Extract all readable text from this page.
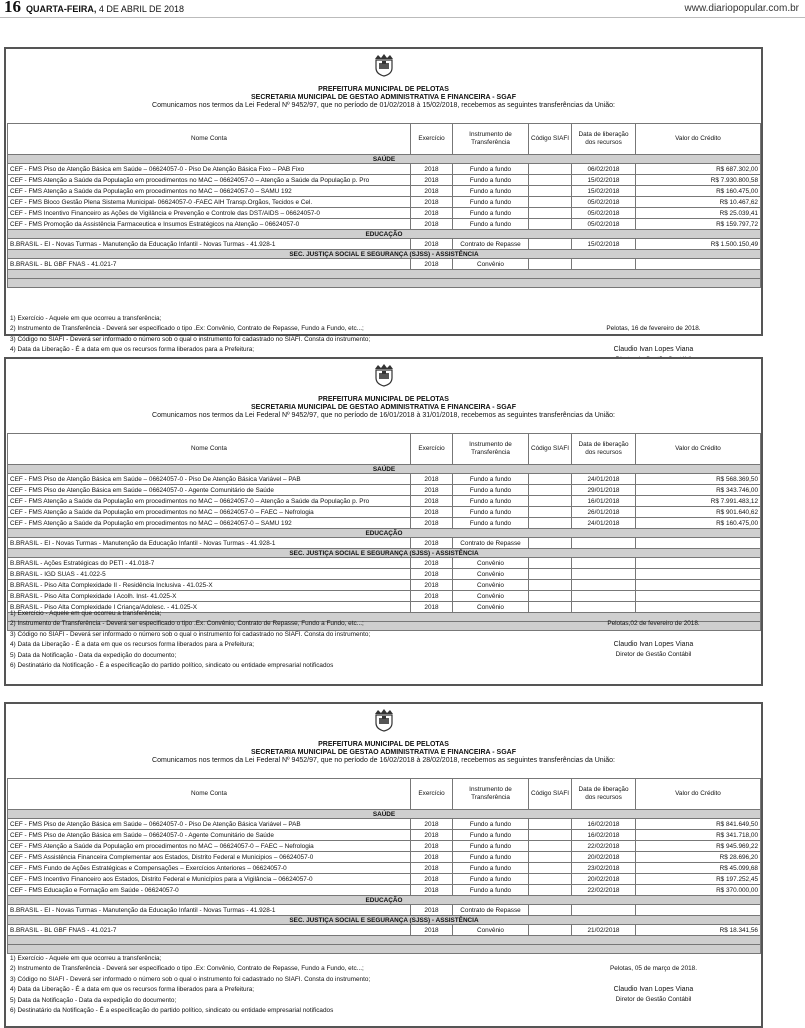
16 QUARTA-FEIRA, 4 DE ABRIL DE 2018	www.diariopopular.com.br
PREFEITURA MUNICIPAL DE PELOTAS
SECRETARIA MUNICIPAL DE GESTAO ADMINISTRATIVA E FINANCEIRA - SGAF
Comunicamos nos termos da Lei Federal Nº 9452/97, que no período de 01/02/2018 à 15/02/2018, recebemos as seguintes transferências da União:
Nome Conta	Exercício	Instrumento de Transferência	Código SIAFI	Data de liberação dos recursos	Valor do Crédito
SAÚDE					
CEF - FMS Piso de Atenção Básica em Saúde – 06624057-0 - Piso De Atenção Básica Fixo – PAB Fixo	2018	Fundo a fundo		06/02/2018	R$ 687.302,00
CEF - FMS Atenção a Saúde da População em procedimentos no MAC – 06624057-0 – Atenção a Saúde da População p. Pro	2018	Fundo a fundo		15/02/2018	R$ 7.930.800,58
CEF - FMS Atenção a Saúde da População em procedimentos no MAC – 06624057-0 – SAMU 192	2018	Fundo a fundo		15/02/2018	R$ 160.475,00
CEF - FMS Bloco Gestão Plena Sistema Municipal- 06624057-0 -FAEC AIH Transp.Orgãos, Tecidos e Cel.	2018	Fundo a fundo		05/02/2018	R$ 10.467,62
CEF - FMS Incentivo Financeiro as Ações de Vigilância e Prevenção e Controle das DST/AIDS – 06624057-0	2018	Fundo a fundo		05/02/2018	R$ 25.039,41
CEF - FMS Promoção da Assistência Farmaceutica e Insumos Estratégicos na Atenção – 06624057-0	2018	Fundo a fundo		05/02/2018	R$ 159.797,72
EDUCAÇÃO					
B.BRASIL - EI - Novas Turmas - Manutenção da Educação Infantil - Novas Turmas - 41.928-1	2018	Contrato de Repasse		15/02/2018	R$ 1.500.150,49
SEC. JUSTIÇA SOCIAL E SEGURANÇA (SJSS) - ASSISTÊNCIA					
B.BRASIL - BL GBF FNAS - 41.021-7	2018	Convênio			

1) Exercício - Aquele em que ocorreu a transferência;
2) Instrumento de Transferência - Deverá ser especificado o tipo .Ex: Convênio, Contrato de Repasse, Fundo a Fundo, etc...;
3) Código no SIAFI - Deverá ser informado o número sob o qual o instrumento foi cadastrado no SIAFI. Consta do instrumento;
4) Data da Liberação - É a data em que os recursos forma liberados para a Prefeitura;
Pelotas, 16 de fevereiro de 2018.

Claudio Ivan Lopes Viana
PREFEITURA MUNICIPAL DE PELOTAS
SECRETARIA MUNICIPAL DE GESTAO ADMINISTRATIVA E FINANCEIRA - SGAF
Comunicamos nos termos da Lei Federal Nº 9452/97, que no período de 16/01/2018 à 31/01/2018, recebemos as seguintes transferências da União:
Nome Conta	Exercício	Instrumento de Transferência	Código SIAFI	Data de liberação dos recursos	Valor do Crédito
SAÚDE					
CEF - FMS Piso de Atenção Básica em Saúde – 06624057-0 - Piso De Atenção Básica Variável – PAB	2018	Fundo a fundo		24/01/2018	R$ 568.369,50
CEF - FMS Piso de Atenção Básica em Saúde – 06624057-0 - Agente Comunitário de Saúde	2018	Fundo a fundo		29/01/2018	R$ 343.746,00
CEF - FMS Atenção a Saúde da População em procedimentos no MAC – 06624057-0 – Atenção a Saúde da População p. Pro	2018	Fundo a fundo		16/01/2018	R$ 7.991.483,12
CEF - FMS Atenção a Saúde da População em procedimentos no MAC – 06624057-0 – FAEC – Nefrologia	2018	Fundo a fundo		26/01/2018	R$ 901.640,62
CEF - FMS Atenção a Saúde da População em procedimentos no MAC – 06624057-0 – SAMU 192	2018	Fundo a fundo		24/01/2018	R$ 160.475,00
EDUCAÇÃO					
B.BRASIL - EI - Novas Turmas - Manutenção da Educação Infantil - Novas Turmas - 41.928-1	2018	Contrato de Repasse			
SEC. JUSTIÇA SOCIAL E SEGURANÇA (SJSS) - ASSISTÊNCIA					
B.BRASIL - Ações Estratégicas do PETI - 41.018-7	2018	Convênio			
B.BRASIL - IGD SUAS - 41.022-5	2018	Convênio			
B.BRASIL - Piso Alta Complexidade II - Residência Inclusiva - 41.025-X	2018	Convênio			
B.BRASIL - Piso Alta Complexidade I Acolh. Inst- 41.025-X	2018	Convênio			
B.BRASIL - Piso Alta Complexidade I Criança/Adolesc. - 41.025-X	2018	Convênio			

1) Exercício - Aquele em que ocorreu a transferência;
2) Instrumento de Transferência - Deverá ser especificado o tipo .Ex: Convênio, Contrato de Repasse, Fundo a Fundo, etc...;
3) Código no SIAFI - Deverá ser informado o número sob o qual o instrumento foi cadastrado no SIAFI. Consta do instrumento;
4) Data da Liberação - É a data em que os recursos forma liberados para a Prefeitura;
5) Data da Notificação - Data da expedição do documento;
6) Destinatário da Notificação - É a especificação do partido político, sindicato ou entidade empresarial notificados
Pelotas,02 de fevereiro de 2018.

Claudio Ivan Lopes Viana
Diretor de Gestão Contábil
PREFEITURA MUNICIPAL DE PELOTAS
SECRETARIA MUNICIPAL DE GESTAO ADMINISTRATIVA E FINANCEIRA - SGAF
Comunicamos nos termos da Lei Federal Nº 9452/97, que no período de 16/02/2018 à 28/02/2018, recebemos as seguintes transferências da União:
Nome Conta	Exercício	Instrumento de Transferência	Código SIAFI	Data de liberação dos recursos	Valor do Crédito
SAÚDE					
CEF - FMS Piso de Atenção Básica em Saúde – 06624057-0 - Piso De Atenção Básica Variável – PAB	2018	Fundo a fundo		16/02/2018	R$ 841.649,50
CEF - FMS Piso de Atenção Básica em Saúde – 06624057-0 - Agente Comunitário de Saúde	2018	Fundo a fundo		16/02/2018	R$ 341.718,00
CEF - FMS Atenção a Saúde da População em procedimentos no MAC – 06624057-0 – FAEC – Nefrologia	2018	Fundo a fundo		22/02/2018	R$ 945.969,22
CEF - FMS Assistência Financeira Complementar aos Estados, Distrito Federal e Municipios – 06624057-0	2018	Fundo a fundo		20/02/2018	R$ 28.696,20
CEF - FMS Fundo de Ações Estratégicas e Compensações – Exercícios Anteriores – 06624057-0	2018	Fundo a fundo		23/02/2018	R$ 45.099,68
CEF - FMS Incentivo Financeiro aos Estados, Distrito Federal e Municípios para a Vigilância – 06624057-0	2018	Fundo a fundo		20/02/2018	R$ 197.252,45
CEF - FMS Educação e Formação em Saúde - 06624057-0	2018	Fundo a fundo		22/02/2018	R$ 370.000,00
EDUCAÇÃO					
B.BRASIL - EI - Novas Turmas - Manutenção da Educação Infantil - Novas Turmas - 41.928-1	2018	Contrato de Repasse			
SEC. JUSTIÇA SOCIAL E SEGURANÇA (SJSS) - ASSISTÊNCIA					
B.BRASIL - BL GBF FNAS - 41.021-7	2018	Convênio		21/02/2018	R$ 18.341,56

1) Exercício - Aquele em que ocorreu a transferência;
2) Instrumento de Transferência - Deverá ser especificado o tipo .Ex: Convênio, Contrato de Repasse, Fundo a Fundo, etc...;
3) Código no SIAFI - Deverá ser informado o número sob o qual o instrumento foi cadastrado no SIAFI. Consta do instrumento;
4) Data da Liberação - É a data em que os recursos forma liberados para a Prefeitura;
5) Data da Notificação - Data da expedição do documento;
6) Destinatário da Notificação - É a especificação do partido político, sindicato ou entidade empresarial notificados
Pelotas, 05 de março de 2018.

Claudio Ivan Lopes Viana
Diretor de Gestão Contábil
